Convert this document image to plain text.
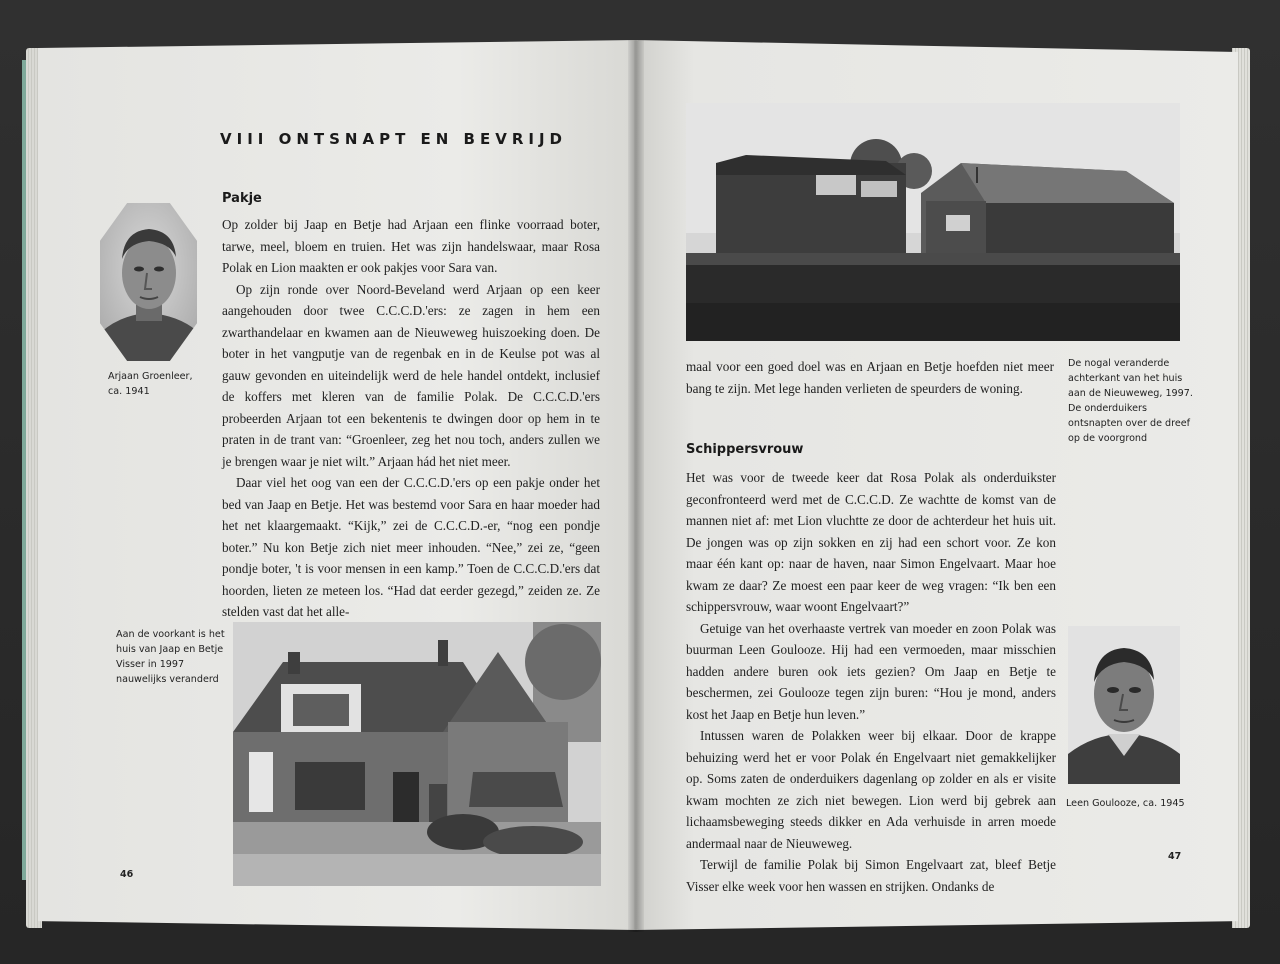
VIII ONTSNAPT EN BEVRIJD
Pakje
Arjaan Groenleer, ca. 1941

Op zolder bij Jaap en Betje had Arjaan een flinke voorraad boter, tarwe, meel, bloem en truien. Het was zijn handelswaar, maar Rosa Polak en Lion maakten er ook pakjes voor Sara van.

Op zijn ronde over Noord-Beveland werd Arjaan op een keer aangehouden door twee C.C.C.D.'ers: ze zagen in hem een zwarthandelaar en kwamen aan de Nieuweweg huiszoeking doen. De boter in het vangputje van de regenbak en in de Keulse pot was al gauw gevonden en uiteindelijk werd de hele handel ontdekt, inclusief de koffers met kleren van de familie Polak. De C.C.C.D.'ers probeerden Arjaan tot een bekentenis te dwingen door op hem in te praten in de trant van: “Groenleer, zeg het nou toch, anders zullen we je brengen waar je niet wilt.” Arjaan hád het niet meer.

Daar viel het oog van een der C.C.C.D.'ers op een pakje onder het bed van Jaap en Betje. Het was bestemd voor Sara en haar moeder had het net klaargemaakt. “Kijk,” zei de C.C.C.D.-er, “nog een pondje boter.” Nu kon Betje zich niet meer inhouden. “Nee,” zei ze, “geen pondje boter, 't is voor mensen in een kamp.” Toen de C.C.C.D.'ers dat hoorden, lieten ze meteen los. “Had dat eerder gezegd,” zeiden ze. Ze stelden vast dat het alle-

Aan de voorkant is het huis van Jaap en Betje Visser in 1997 nauwelijks veranderd
46
De nogal veranderde achterkant van het huis aan de Nieuweweg, 1997. De onderduikers ontsnapten over de dreef op de voorgrond

maal voor een goed doel was en Arjaan en Betje hoefden niet meer bang te zijn. Met lege handen verlieten de speurders de woning.

Schippersvrouw

Het was voor de tweede keer dat Rosa Polak als onderduikster geconfronteerd werd met de C.C.C.D. Ze wachtte de komst van de mannen niet af: met Lion vluchtte ze door de achterdeur het huis uit. De jongen was op zijn sokken en zij had een schort voor. Ze kon maar één kant op: naar de haven, naar Simon Engelvaart. Maar hoe kwam ze daar? Ze moest een paar keer de weg vragen: “Ik ben een schippersvrouw, waar woont Engelvaart?”

Getuige van het overhaaste vertrek van moeder en zoon Polak was buurman Leen Goulooze. Hij had een vermoeden, maar misschien hadden andere buren ook iets gezien? Om Jaap en Betje te beschermen, zei Goulooze tegen zijn buren: “Hou je mond, anders kost het Jaap en Betje hun leven.”

Intussen waren de Polakken weer bij elkaar. Door de krappe behuizing werd het er voor Polak én Engelvaart niet gemakkelijker op. Soms zaten de onderduikers dagenlang op zolder en als er visite kwam mochten ze zich niet bewegen. Lion werd bij gebrek aan lichaamsbeweging steeds dikker en Ada verhuisde in arren moede andermaal naar de Nieuweweg.

Terwijl de familie Polak bij Simon Engelvaart zat, bleef Betje Visser elke week voor hen wassen en strijken. Ondanks de

Leen Goulooze, ca. 1945
47
